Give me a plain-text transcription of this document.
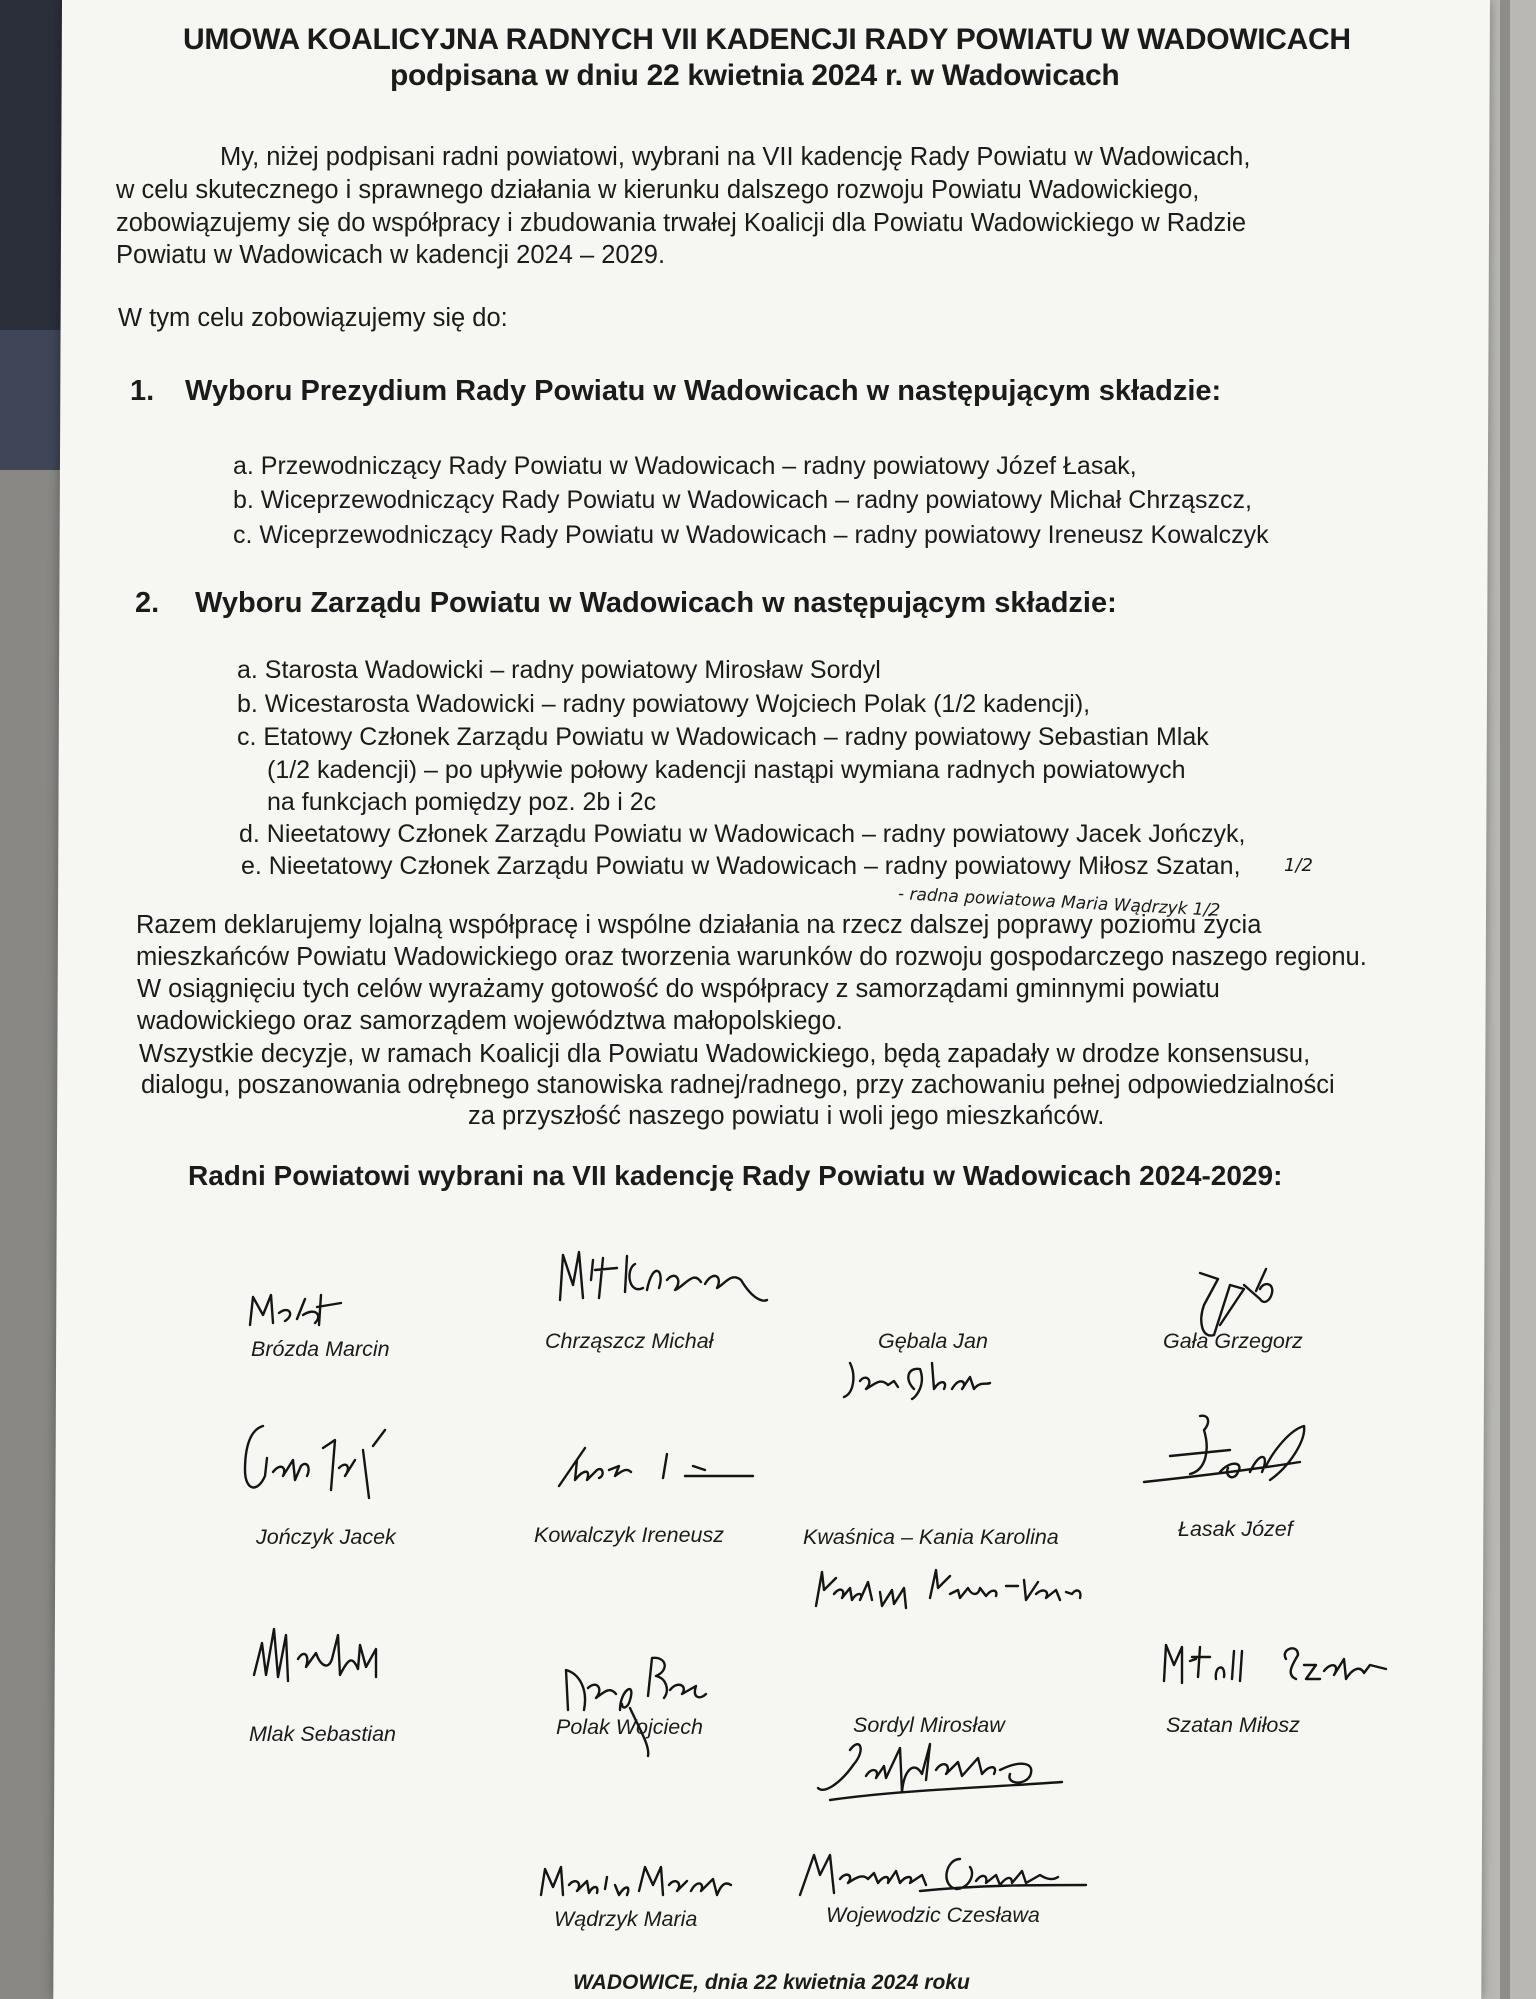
UMOWA KOALICYJNA RADNYCH VII KADENCJI RADY POWIATU W WADOWICACH
podpisana w dniu 22 kwietnia 2024 r. w Wadowicach
My, niżej podpisani radni powiatowi, wybrani na VII kadencję Rady Powiatu w Wadowicach,
w celu skutecznego i sprawnego działania w kierunku dalszego rozwoju Powiatu Wadowickiego,
zobowiązujemy się do współpracy i zbudowania trwałej Koalicji dla Powiatu Wadowickiego w Radzie
Powiatu w Wadowicach w kadencji 2024 – 2029.
W tym celu zobowiązujemy się do:
1. Wyboru Prezydium Rady Powiatu w Wadowicach w następującym składzie:
a. Przewodniczący Rady Powiatu w Wadowicach – radny powiatowy Józef Łasak,
b. Wiceprzewodniczący Rady Powiatu w Wadowicach – radny powiatowy Michał Chrząszcz,
c. Wiceprzewodniczący Rady Powiatu w Wadowicach – radny powiatowy Ireneusz Kowalczyk
2. Wyboru Zarządu Powiatu w Wadowicach w następującym składzie:
a. Starosta Wadowicki – radny powiatowy Mirosław Sordyl
b. Wicestarosta Wadowicki – radny powiatowy Wojciech Polak (1/2 kadencji),
c. Etatowy Członek Zarządu Powiatu w Wadowicach – radny powiatowy Sebastian Mlak
(1/2 kadencji) – po upływie połowy kadencji nastąpi wymiana radnych powiatowych
na funkcjach pomiędzy poz. 2b i 2c
d. Nieetatowy Członek Zarządu Powiatu w Wadowicach – radny powiatowy Jacek Jończyk,
e. Nieetatowy Członek Zarządu Powiatu w Wadowicach – radny powiatowy Miłosz Szatan, 1/2
- radna powiatowa Maria Wądrzyk 1/2
Razem deklarujemy lojalną współpracę i wspólne działania na rzecz dalszej poprawy poziomu życia
mieszkańców Powiatu Wadowickiego oraz tworzenia warunków do rozwoju gospodarczego naszego regionu.
W osiągnięciu tych celów wyrażamy gotowość do współpracy z samorządami gminnymi powiatu
wadowickiego oraz samorządem województwa małopolskiego.
Wszystkie decyzje, w ramach Koalicji dla Powiatu Wadowickiego, będą zapadały w drodze konsensusu,
dialogu, poszanowania odrębnego stanowiska radnej/radnego, przy zachowaniu pełnej odpowiedzialności
za przyszłość naszego powiatu i woli jego mieszkańców.
Radni Powiatowi wybrani na VII kadencję Rady Powiatu w Wadowicach 2024-2029:
Brózda Marcin	Chrząszcz Michał	Gębala Jan	Gała Grzegorz
Jończyk Jacek	Kowalczyk Ireneusz	Kwaśnica – Kania Karolina	Łasak Józef
Mlak Sebastian	Polak Wojciech	Sordyl Mirosław	Szatan Miłosz
Wądrzyk Maria	Wojewodzic Czesława
WADOWICE, dnia 22 kwietnia 2024 roku
